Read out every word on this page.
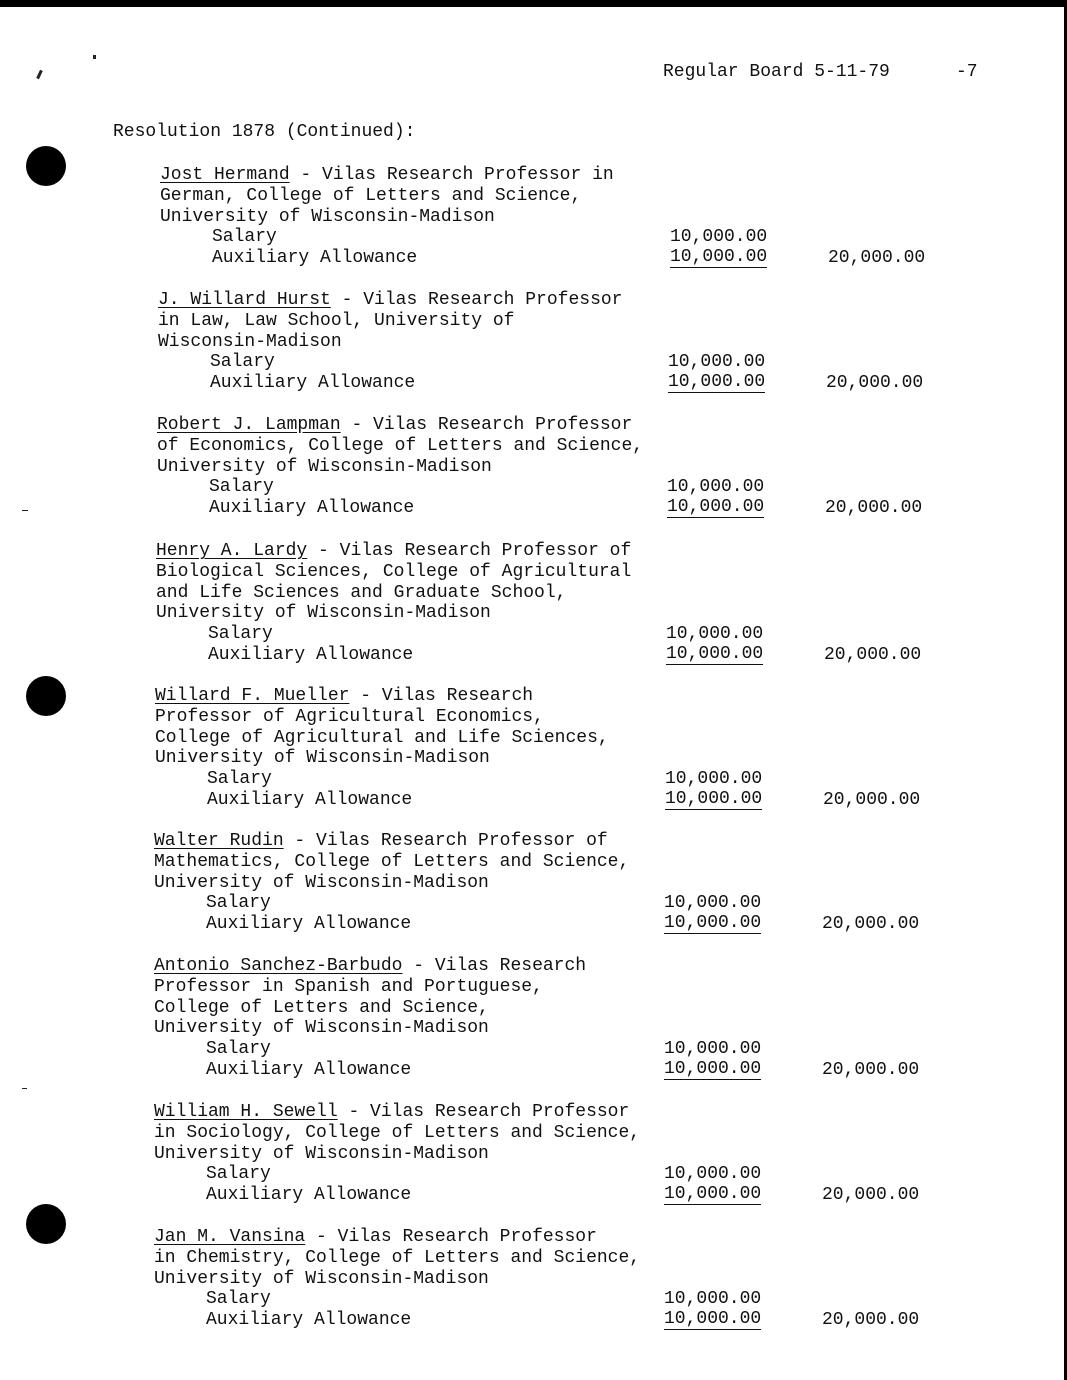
Regular Board 5-11-79	-7
Resolution 1878 (Continued):
Jost Hermand - Vilas Research Professor in
German, College of Letters and Science,
University of Wisconsin-Madison
Salary	10,000.00
Auxiliary Allowance	10,000.00	20,000.00
J. Willard Hurst - Vilas Research Professor
in Law, Law School, University of
Wisconsin-Madison
Salary	10,000.00
Auxiliary Allowance	10,000.00	20,000.00
Robert J. Lampman - Vilas Research Professor
of Economics, College of Letters and Science,
University of Wisconsin-Madison
Salary	10,000.00
Auxiliary Allowance	10,000.00	20,000.00
Henry A. Lardy - Vilas Research Professor of
Biological Sciences, College of Agricultural
and Life Sciences and Graduate School,
University of Wisconsin-Madison
Salary	10,000.00
Auxiliary Allowance	10,000.00	20,000.00
Willard F. Mueller - Vilas Research
Professor of Agricultural Economics,
College of Agricultural and Life Sciences,
University of Wisconsin-Madison
Salary	10,000.00
Auxiliary Allowance	10,000.00	20,000.00
Walter Rudin - Vilas Research Professor of
Mathematics, College of Letters and Science,
University of Wisconsin-Madison
Salary	10,000.00
Auxiliary Allowance	10,000.00	20,000.00
Antonio Sanchez-Barbudo - Vilas Research
Professor in Spanish and Portuguese,
College of Letters and Science,
University of Wisconsin-Madison
Salary	10,000.00
Auxiliary Allowance	10,000.00	20,000.00
William H. Sewell - Vilas Research Professor
in Sociology, College of Letters and Science,
University of Wisconsin-Madison
Salary	10,000.00
Auxiliary Allowance	10,000.00	20,000.00
Jan M. Vansina - Vilas Research Professor
in Chemistry, College of Letters and Science,
University of Wisconsin-Madison
Salary	10,000.00
Auxiliary Allowance	10,000.00	20,000.00
